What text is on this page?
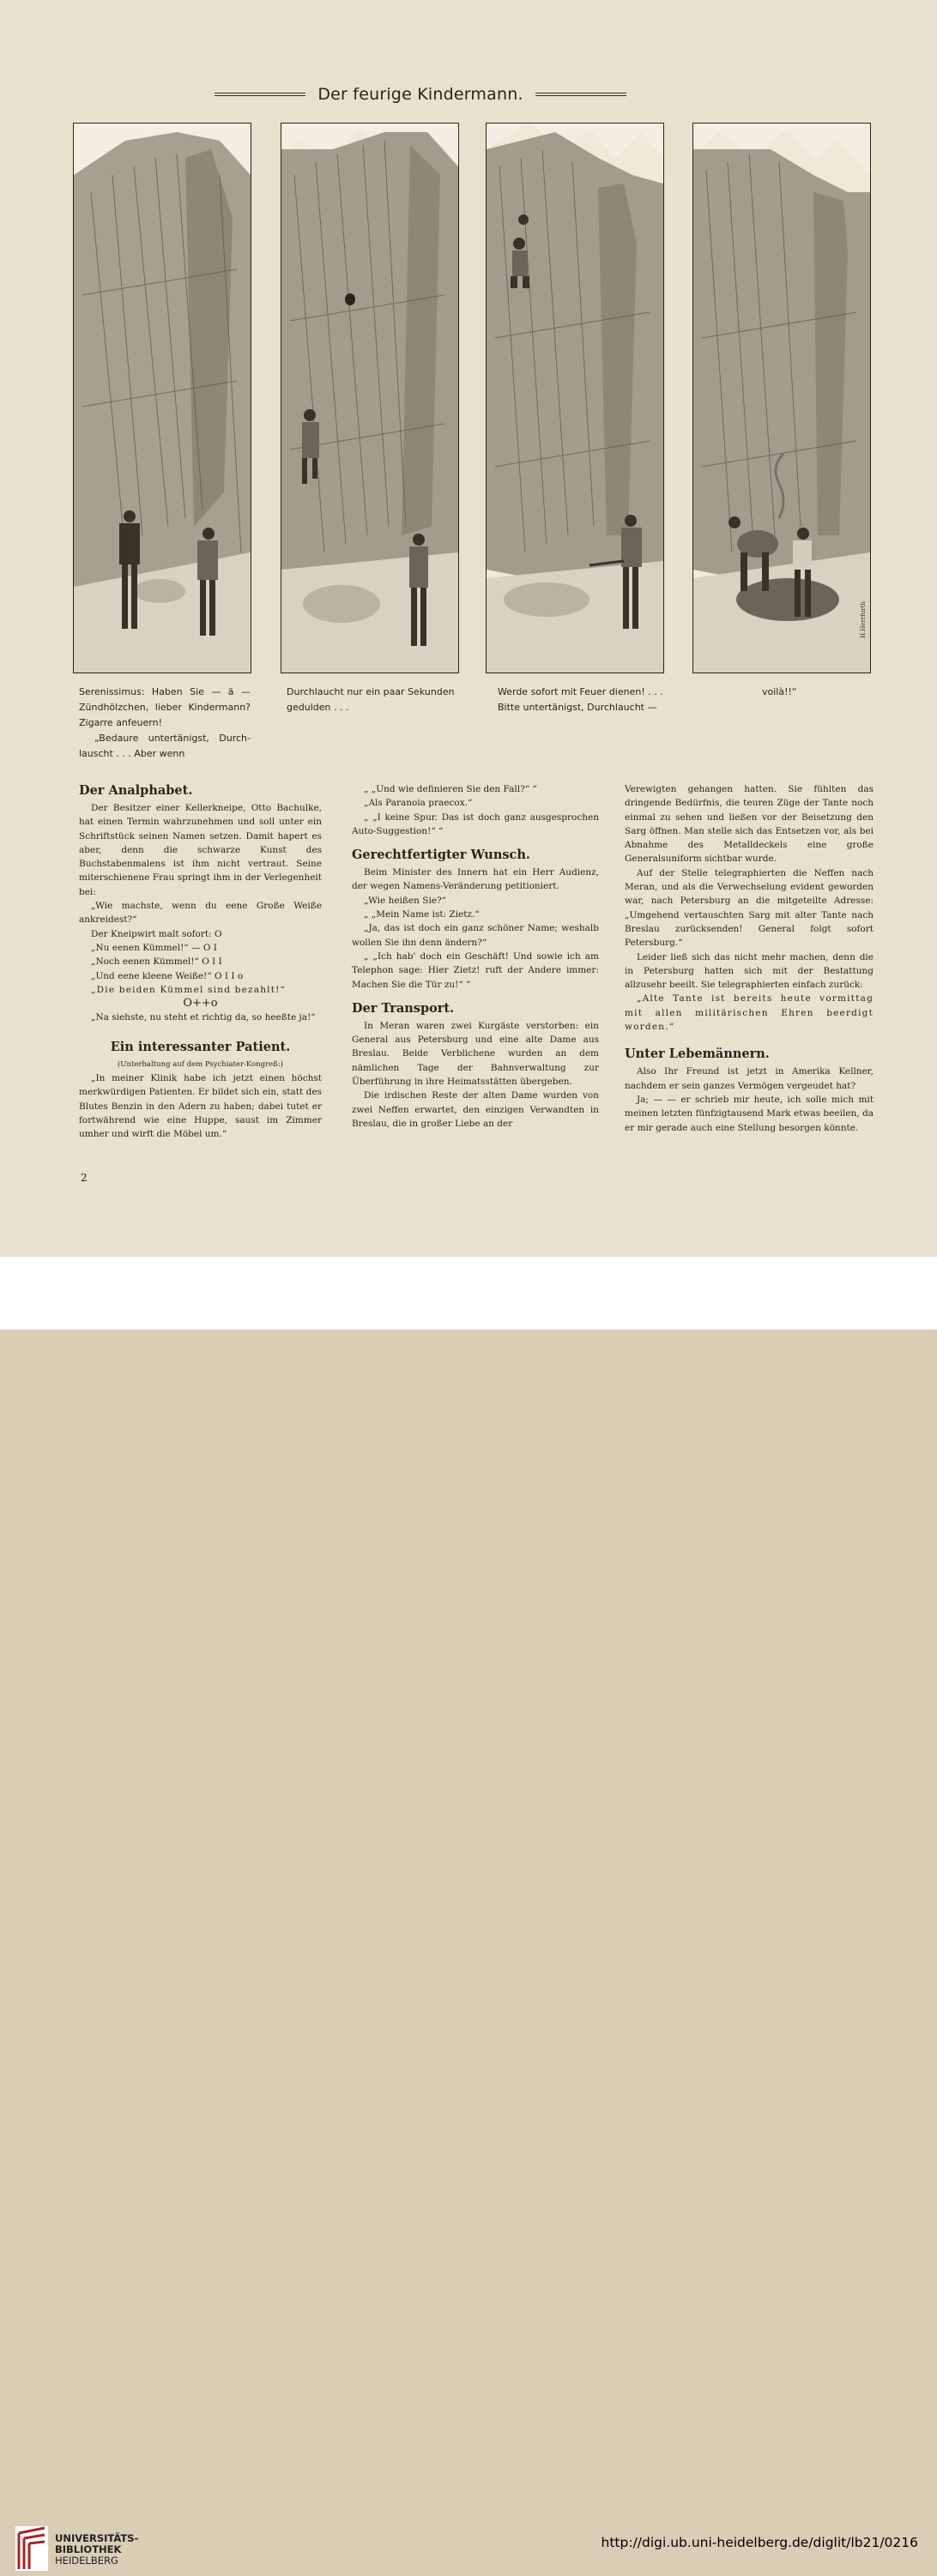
Der feurige Kindermann.
H.Herrfurth

Serenissimus: Haben Sie — ä — Zündhölzchen, lieber Kindermann? Zigarre anfeuern!

„Bedaure untertänigst, Durch-lauscht . . . Aber wenn

Durchlaucht nur ein paar Sekunden gedulden . . .

Werde sofort mit Feuer dienen! . . . Bitte untertänigst, Durchlaucht —

voilà!!“

Der Analphabet.

Der Besitzer einer Kellerkneipe, Otto Bachulke, hat einen Termin wahrzunehmen und soll unter ein Schriftstück seinen Namen setzen. Damit hapert es aber, denn die schwarze Kunst des Buchstabenmalens ist ihm nicht vertraut. Seine miterschienene Frau springt ihm in der Verlegenheit bei:

„Wie machste, wenn du eene Große Weiße ankreidest?“

Der Kneipwirt malt sofort: O

„Nu eenen Kümmel!“ — O I

„Noch eenen Kümmel!“ O I I

„Und eene kleene Weiße!“ O I I o

„Die beiden Kümmel sind bezahlt!“

O++o

„Na siehste, nu steht et richtig da, so heeßte ja!“

Ein interessanter Patient.

(Unterhaltung auf dem Psychiater-Kongreß:)

„In meiner Klinik habe ich jetzt einen höchst merkwürdigen Patienten. Er bildet sich ein, statt des Blutes Benzin in den Adern zu haben; dabei tutet er fortwährend wie eine Huppe, saust im Zimmer umher und wirft die Möbel um.“

„ „Und wie definieren Sie den Fall?“ “

„Als Paranoia praecox.“

„ „I keine Spur. Das ist doch ganz ausgesprochen Auto-Suggestion!“ “

Gerechtfertigter Wunsch.

Beim Minister des Innern hat ein Herr Audienz, der wegen Namens-Veränderung petitioniert.

„Wie heißen Sie?“

„ „Mein Name ist: Zietz.“

„Ja, das ist doch ein ganz schöner Name; weshalb wollen Sie ihn denn ändern?“

„ „Ich hab' doch ein Geschäft! Und sowie ich am Telephon sage: Hier Zietz! ruft der Andere immer: Machen Sie die Tür zu!“ “

Der Transport.

In Meran waren zwei Kurgäste verstorben: ein General aus Petersburg und eine alte Dame aus Breslau. Beide Verblichene wurden an dem nämlichen Tage der Bahnverwaltung zur Überführung in ihre Heimatsstätten übergeben.

Die irdischen Reste der alten Dame wurden von zwei Neffen erwartet, den einzigen Verwandten in Breslau, die in großer Liebe an der

Verewigten gehangen hatten. Sie fühlten das dringende Bedürfnis, die teuren Züge der Tante noch einmal zu sehen und ließen vor der Beisetzung den Sarg öffnen. Man stelle sich das Entsetzen vor, als bei Abnahme des Metalldeckels eine große Generalsuniform sichtbar wurde.

Auf der Stelle telegraphierten die Neffen nach Meran, und als die Verwechselung evident geworden war, nach Petersburg an die mitgeteilte Adresse: „Umgehend vertauschten Sarg mit alter Tante nach Breslau zurücksenden! General folgt sofort Petersburg.“

Leider ließ sich das nicht mehr machen, denn die in Petersburg hatten sich mit der Bestattung allzusehr beeilt. Sie telegraphierten einfach zurück:

„Alte Tante ist bereits heute vormittag mit allen militärischen Ehren beerdigt worden.“

Unter Lebemännern.

Also Ihr Freund ist jetzt in Amerika Kellner, nachdem er sein ganzes Vermögen vergeudet hat?

Ja; — — er schrieb mir heute, ich solle mich mit meinen letzten fünfzigtausend Mark etwas beeilen, da er mir gerade auch eine Stellung besorgen könnte.

2
UNIVERSITÄTS-
BIBLIOTHEK
HEIDELBERG
http://digi.ub.uni-heidelberg.de/diglit/lb21/0216
